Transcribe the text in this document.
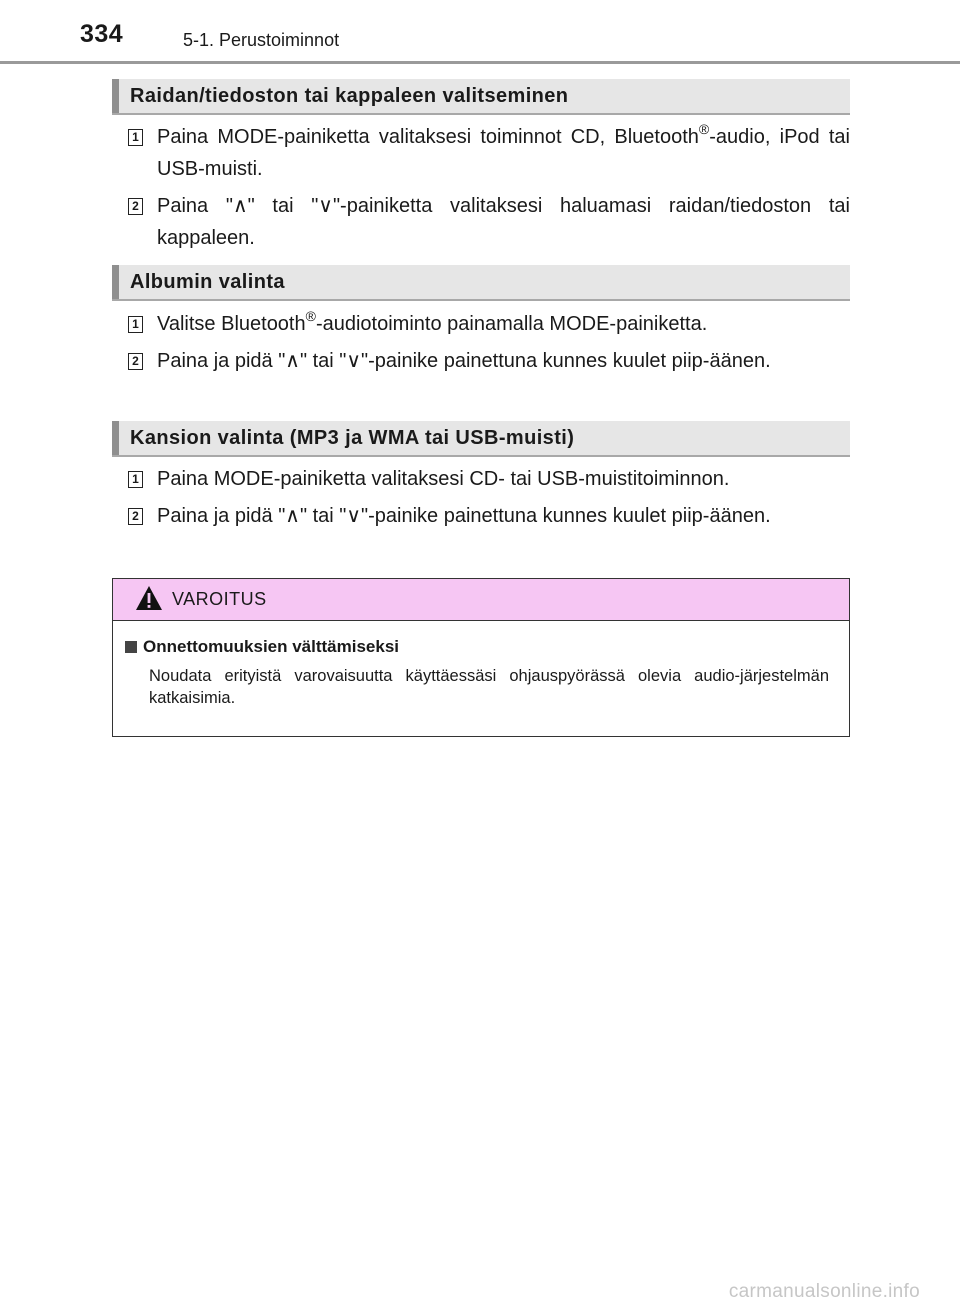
334	5-1. Perustoiminnot
Raidan/tiedoston tai kappaleen valitseminen
1 Paina MODE-painiketta valitaksesi toiminnot CD, Bluetooth®-audio, iPod tai USB-muisti.
2 Paina "∧" tai "∨"-painiketta valitaksesi haluamasi raidan/tiedoston tai kappaleen.
Albumin valinta
1 Valitse Bluetooth®-audiotoiminto painamalla MODE-painiketta.
2 Paina ja pidä "∧" tai "∨"-painike painettuna kunnes kuulet piip-äänen.
Kansion valinta (MP3 ja WMA tai USB-muisti)
1 Paina MODE-painiketta valitaksesi CD- tai USB-muistitoiminnon.
2 Paina ja pidä "∧" tai "∨"-painike painettuna kunnes kuulet piip-äänen.
VAROITUS
Onnettomuuksien välttämiseksi
Noudata erityistä varovaisuutta käyttäessäsi ohjauspyörässä olevia audio-järjestelmän katkaisimia.
carmanualsonline.info
